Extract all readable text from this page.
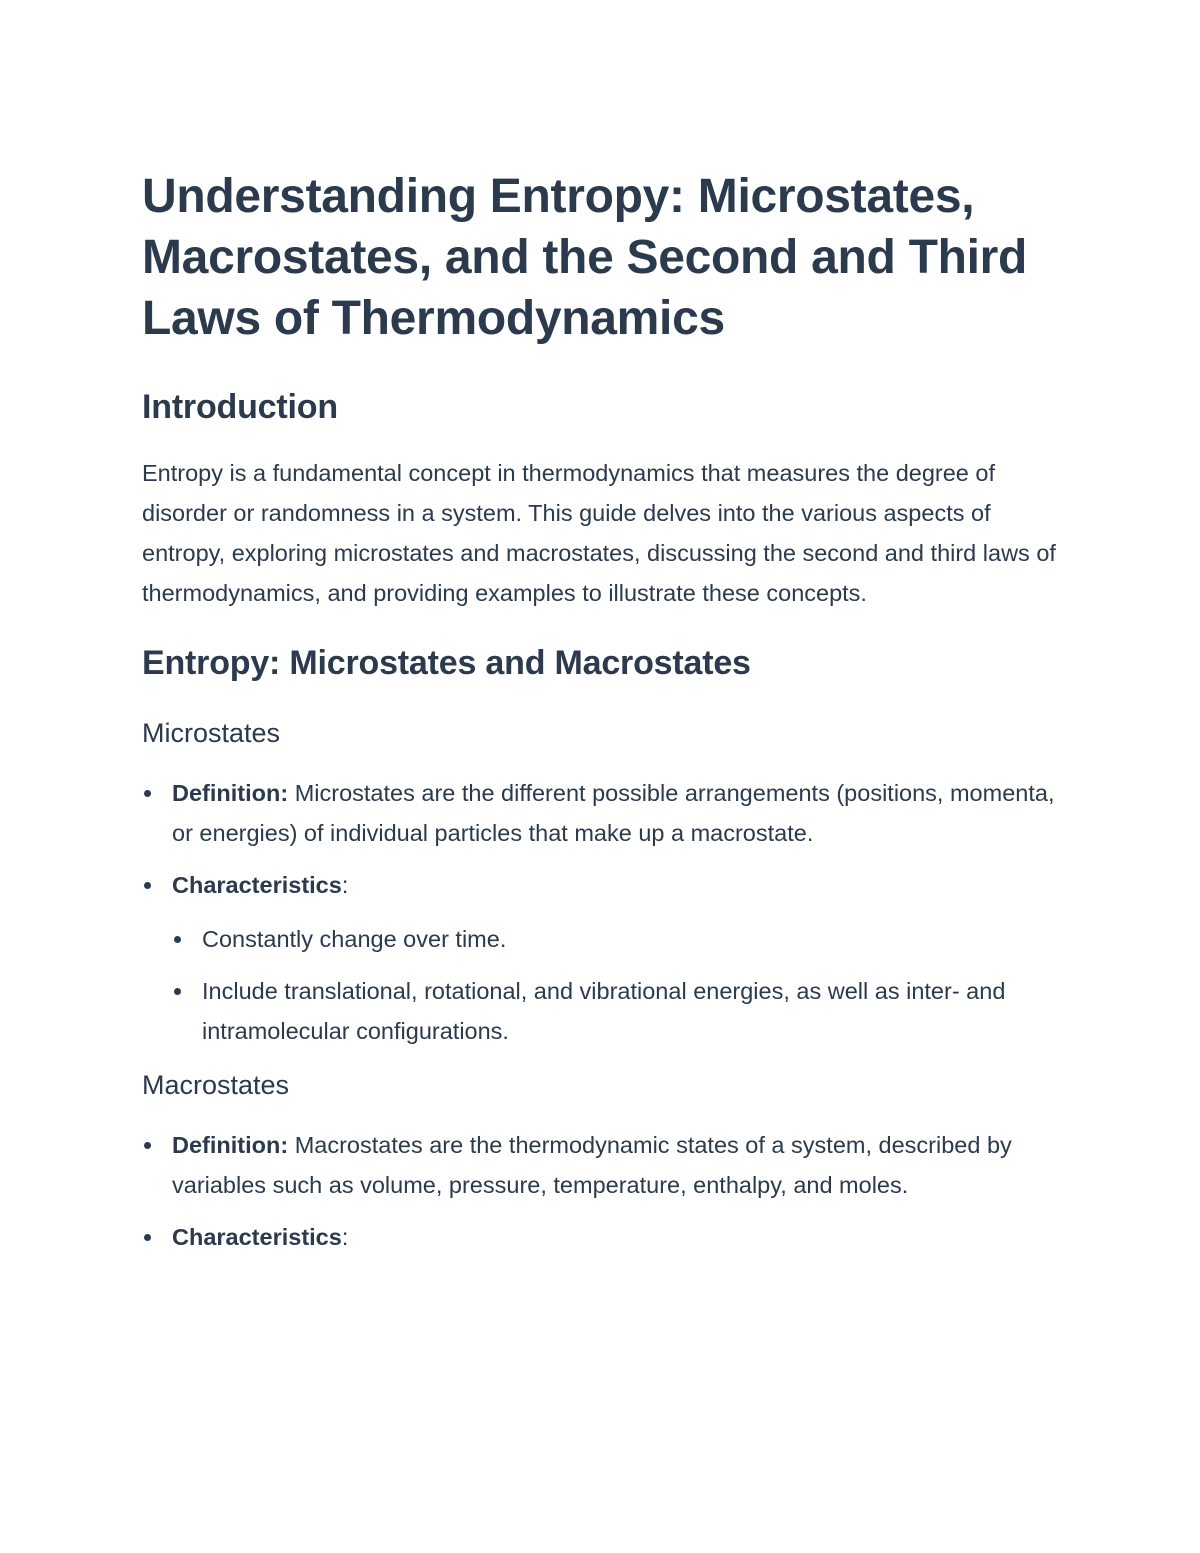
Understanding Entropy: Microstates, Macrostates, and the Second and Third Laws of Thermodynamics
Introduction

Entropy is a fundamental concept in thermodynamics that measures the degree of disorder or randomness in a system. This guide delves into the various aspects of entropy, exploring microstates and macrostates, discussing the second and third laws of thermodynamics, and providing examples to illustrate these concepts.

Entropy: Microstates and Macrostates
Microstates
Definition: Microstates are the different possible arrangements (positions, momenta, or energies) of individual particles that make up a macrostate.
Characteristics:
Constantly change over time.
Include translational, rotational, and vibrational energies, as well as inter- and intramolecular configurations.
Macrostates
Definition: Macrostates are the thermodynamic states of a system, described by variables such as volume, pressure, temperature, enthalpy, and moles.
Characteristics:
